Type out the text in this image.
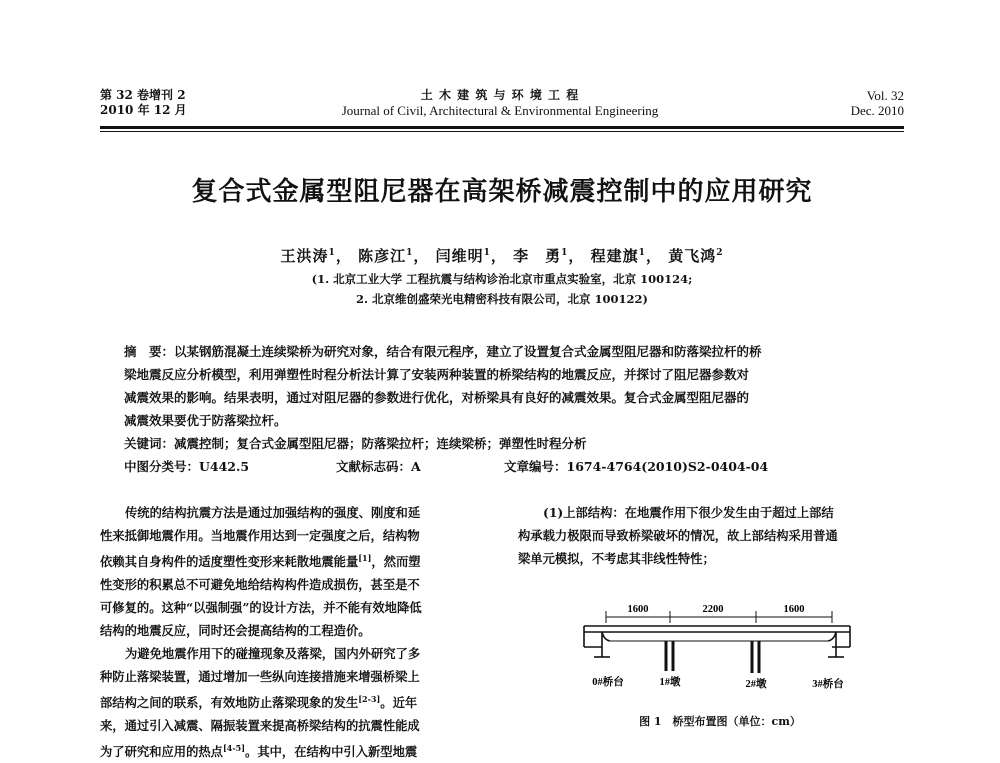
第 32 卷增刊 2
2010 年 12 月
土 木 建 筑 与 环 境 工 程
Journal of Civil, Architectural & Environmental Engineering
Vol. 32
Dec. 2010
复合式金属型阻尼器在高架桥减震控制中的应用研究
王洪涛$^1$， 陈彦江$^1$， 闫维明$^1$， 李　勇$^1$， 程建旗$^1$， 黄飞鸿$^2$
(1. 北京工业大学 工程抗震与结构诊治北京市重点实验室，北京 100124;
2. 北京维创盛荣光电精密科技有限公司，北京 100122)
摘　要：以某钢筋混凝土连续梁桥为研究对象，结合有限元程序，建立了设置复合式金属型阻尼器和防落梁拉杆的桥
梁地震反应分析模型，利用弹塑性时程分析法计算了安装两种装置的桥梁结构的地震反应，并探讨了阻尼器参数对
减震效果的影响。结果表明，通过对阻尼器的参数进行优化，对桥梁具有良好的减震效果。复合式金属型阻尼器的
减震效果要优于防落梁拉杆。
关键词：减震控制；复合式金属型阻尼器；防落梁拉杆；连续梁桥；弹塑性时程分析
中图分类号：U442.5	文献标志码：A	文章编号：1674-4764(2010)S2-0404-04
传统的结构抗震方法是通过加强结构的强度、刚度和延
性来抵御地震作用。当地震作用达到一定强度之后，结构物
依赖其自身构件的适度塑性变形来耗散地震能量[1]，然而塑
性变形的积累总不可避免地给结构构件造成损伤，甚至是不
可修复的。这种“以强制强”的设计方法，并不能有效地降低
结构的地震反应，同时还会提高结构的工程造价。
为避免地震作用下的碰撞现象及落梁，国内外研究了多
种防止落梁装置，通过增加一些纵向连接措施来增强桥梁上
部结构之间的联系，有效地防止落梁现象的发生[2-3]。近年
来，通过引入减震、隔振装置来提高桥梁结构的抗震性能成
为了研究和应用的热点[4-5]。其中，在结构中引入新型地震
(1)上部结构：在地震作用下很少发生由于超过上部结
构承载力极限而导致桥梁破坏的情况，故上部结构采用普通
梁单元模拟，不考虑其非线性特性；
1600	2200	1600
0#桥台	1#墩	2#墩	3#桥台
图 1　桥型布置图（单位：cm）
